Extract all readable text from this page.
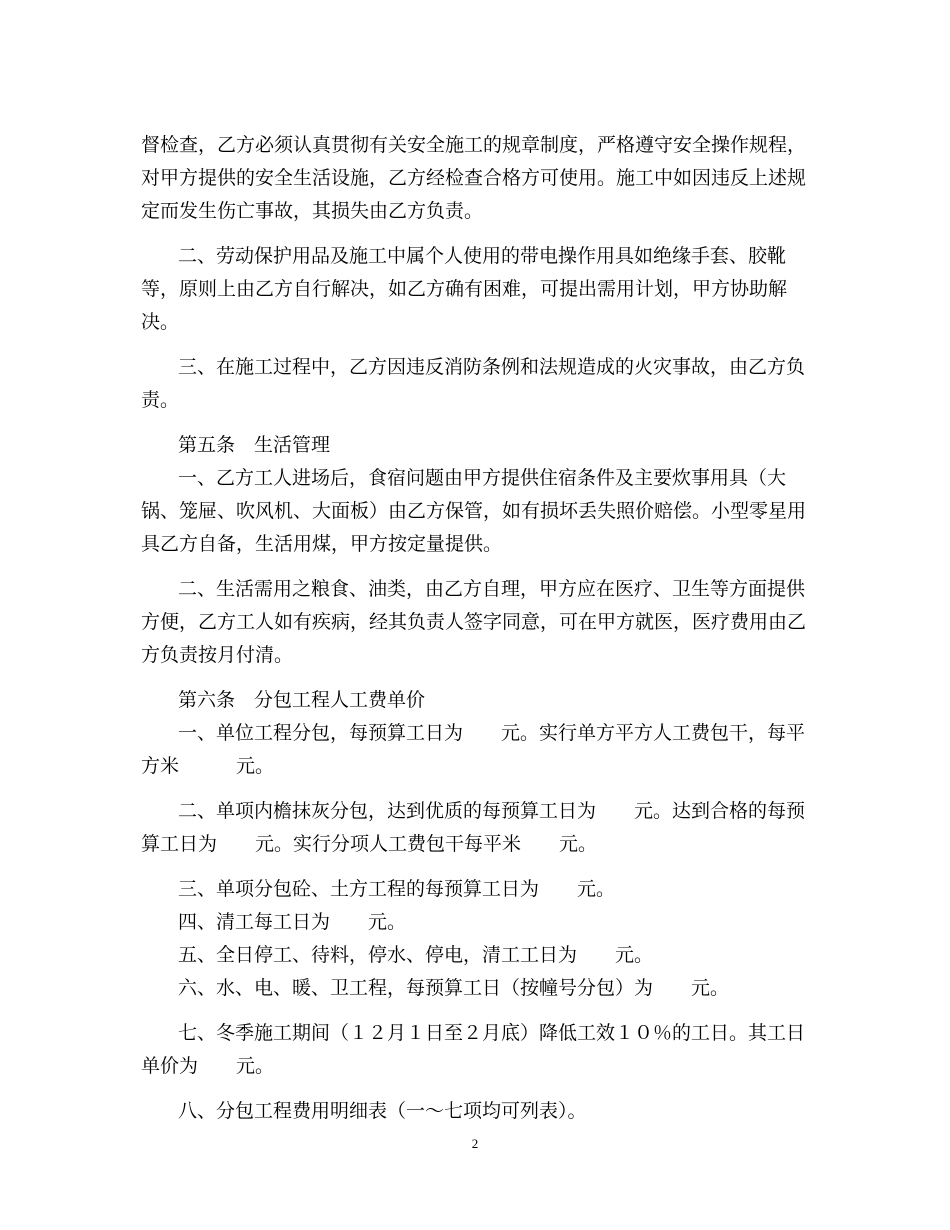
督检查，乙方必须认真贯彻有关安全施工的规章制度，严格遵守安全操作规程，
对甲方提供的安全生活设施，乙方经检查合格方可使用。施工中如因违反上述规
定而发生伤亡事故，其损失由乙方负责。
二、劳动保护用品及施工中属个人使用的带电操作用具如绝缘手套、胶靴
等，原则上由乙方自行解决，如乙方确有困难，可提出需用计划，甲方协助解
决。
三、在施工过程中，乙方因违反消防条例和法规造成的火灾事故，由乙方负
责。
第五条　生活管理
一、乙方工人进场后，食宿问题由甲方提供住宿条件及主要炊事用具（大
锅、笼屉、吹风机、大面板）由乙方保管，如有损坏丢失照价赔偿。小型零星用
具乙方自备，生活用煤，甲方按定量提供。
二、生活需用之粮食、油类，由乙方自理，甲方应在医疗、卫生等方面提供
方便，乙方工人如有疾病，经其负责人签字同意，可在甲方就医，医疗费用由乙
方负责按月付清。
第六条　分包工程人工费单价
一、单位工程分包，每预算工日为　　元。实行单方平方人工费包干，每平
方米　　　元。
二、单项内檐抹灰分包，达到优质的每预算工日为　　元。达到合格的每预
算工日为　　元。实行分项人工费包干每平米　　元。
三、单项分包砼、土方工程的每预算工日为　　元。
四、清工每工日为　　元。
五、全日停工、待料，停水、停电，清工工日为　　元。
六、水、电、暖、卫工程，每预算工日（按幢号分包）为　　元。
七、冬季施工期间（１２月１日至２月底）降低工效１０％的工日。其工日
单价为　　元。
八、分包工程费用明细表（一～七项均可列表）。
2
